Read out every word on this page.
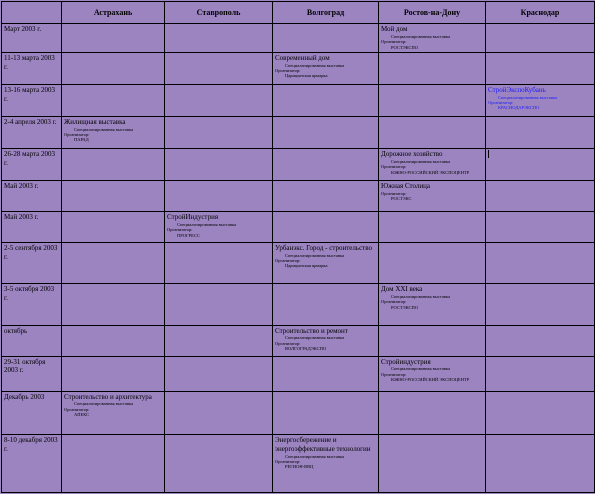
	Астрахань	Ставрополь	Волгоград	Ростов-на-Дону	Краснодар
Март 2003 г.				Мой дом
Специализированная выставка
Организатор:
РОСТЭКСПО	

11-13 марта 2003 г.			Современный дом
Специализированная выставка
Организатор:
Царицынская ярмарка		

13-16 марта 2003 г.					СтройЭкспоКубань
Специализированная выставка
Организатор:
КРАСНОДАРЭКСПО

2-4 апреля 2003 г.	Жилищная выставка
Специализированная выставка
Организатор:
ПАРАД				

26-28 марта 2003 г.				Дорожное хозяйство
Специализированная выставка
Организатор:
ЮЖНО-РОССИЙСКИЙ ЭКСПОЦЕНТР	

Май 2003 г.				Южная Столица
Организатор:
РОСТЭКС	

Май 2003 г.		СтройИндустрия
Специализированная выставка
Организатор:
ПРОГРЕСС			

2-5 сентября 2003 г.			Урбанэкс. Город - строительство
Специализированная выставка
Организатор:
Царицынская ярмарка		

3-5 октября 2003 г.				Дом XXI века
Специализированная выставка
Организатор:
РОСТЭКСПО	

октябрь			Строительство и ремонт
Специализированная выставка
Организатор:
ВОЛГОГРАДЭКСПО		

29-31 октября 2003 г.				Стройиндустрия
Специализированная выставка
Организатор:
ЮЖНО-РОССИЙСКИЙ ЭКСПОЦЕНТР	

Декабрь 2003	Строительство и архитектура
Специализированная выставка
Организатор:
АПЕКС				

8-10 декабря 2003 г.			Энергосбережение и энергоэффективные технологии
Специализированная выставка
Организатор:
РЕГИОН-ВВЦ		
